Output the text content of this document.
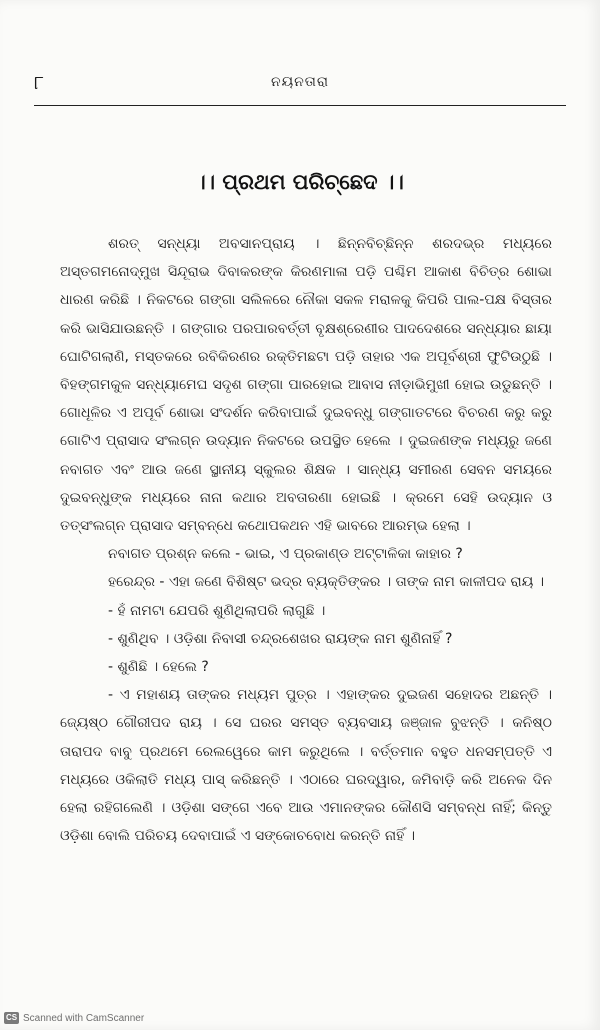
୮	ନୟନତାରା
।। ପ୍ରଥମ ପରିଚ୍ଛେଦ ।।

ଶରତ୍ ସନ୍ଧ୍ୟା ଅବସାନପ୍ରାୟ । ଛିନ୍ନବିଚ୍ଛିନ୍ନ ଶରଦଭ୍ର ମଧ୍ୟରେ ଅସ୍ତଗମନୋଦ୍ମୁଖ ସିନ୍ଦୂରାଭ ଦିବାକରଙ୍କ କିରଣମାଳା ପଡ଼ି ପଶ୍ଚିମ ଆକାଶ ବିଚିତ୍ର ଶୋଭା ଧାରଣ କରିଛି । ନିକଟରେ ଗଙ୍ଗା ସଲିଳରେ ନୌକା ସକଳ ମରାଳକୁ କିପରି ପାଲ-ପକ୍ଷ ବିସ୍ତାର କରି ଭାସିଯାଉଛନ୍ତି । ଗଙ୍ଗାର ପରପାରବର୍ତ୍ତୀ ବୃକ୍ଷଶ୍ରେଣୀର ପାଦଦେଶରେ ସନ୍ଧ୍ୟାର ଛାୟା ଘୋଟିଗଲାଣି, ମସ୍ତକରେ ରବିକିରଣର ରକ୍ତିମଛଟା ପଡ଼ି ତାହାର ଏକ ଅପୂର୍ବଶ୍ରୀ ଫୁଟିଉଠୁଛି । ବିହଙ୍ଗମକୁଳ ସନ୍ଧ୍ୟାମେଘ ସଦୃଶ ଗଙ୍ଗା ପାରହୋଇ ଆବାସ ନୀଡ଼ାଭିମୁଖୀ ହୋଇ ଉଡୁଛନ୍ତି । ଗୋଧୂଳିର ଏ ଅପୂର୍ବ ଶୋଭା ସଂଦର୍ଶନ କରିବାପାଇଁ ଦୁଇବନ୍ଧୁ ଗଙ୍ଗାତଟରେ ବିଚରଣ କରୁ କରୁ ଗୋଟିଏ ପ୍ରାସାଦ ସଂଲଗ୍ନ ଉଦ୍ୟାନ ନିକଟରେ ଉପସ୍ଥିତ ହେଲେ । ଦୁଇଜଣଙ୍କ ମଧ୍ୟରୁ ଜଣେ ନବାଗତ ଏବଂ ଆଉ ଜଣେ ସ୍ଥାନୀୟ ସ୍କୁଲର ଶିକ୍ଷକ । ସାନ୍ଧ୍ୟ ସମୀରଣ ସେବନ ସମୟରେ ଦୁଇବନ୍ଧୁଙ୍କ ମଧ୍ୟରେ ନାନା କଥାର ଅବତାରଣା ହୋଇଛି । କ୍ରମେ ସେହି ଉଦ୍ୟାନ ଓ ତତ୍ସଂଲଗ୍ନ ପ୍ରାସାଦ ସମ୍ବନ୍ଧେ କଥୋପକଥନ ଏହି ଭାବରେ ଆରମ୍ଭ ହେଲା ।

ନବାଗତ ପ୍ରଶ୍ନ କଲେ - ଭାଇ, ଏ ପ୍ରକାଣ୍ଡ ଅଟ୍ଟାଳିକା କାହାର ?

ହରେନ୍ଦ୍ର - ଏହା ଜଣେ ବିଶିଷ୍ଟ ଭଦ୍ର ବ୍ୟକ୍ତିଙ୍କର । ତାଙ୍କ ନାମ କାଳୀପଦ ରାୟ ।

- ହଁ ନାମଟା ଯେପରି ଶୁଣିଥିଲାପରି ଲାଗୁଛି ।

- ଶୁଣିଥିବ । ଓଡ଼ିଶା ନିବାସୀ ଚନ୍ଦ୍ରଶେଖର ରାୟଙ୍କ ନାମ ଶୁଣିନାହିଁ ?

- ଶୁଣିଛି । ହେଲେ ?

- ଏ ମହାଶୟ ତାଙ୍କର ମଧ୍ୟମ ପୁତ୍ର । ଏହାଙ୍କର ଦୁଇଜଣ ସହୋଦର ଅଛନ୍ତି । ଜ୍ୟେଷ୍ଠ ଗୌରୀପଦ ରାୟ । ସେ ଘରର ସମସ୍ତ ବ୍ୟବସାୟ ଜଞ୍ଜାଳ ବୁଝନ୍ତି । କନିଷ୍ଠ ତାରାପଦ ବାବୁ ପ୍ରଥମେ ରେଲୱେରେ କାମ କରୁଥିଲେ । ବର୍ତ୍ତମାନ ବହୁତ ଧନସମ୍ପତ୍ତି ଏ ମଧ୍ୟରେ ଓକିଲାତି ମଧ୍ୟ ପାସ୍ କରିଛନ୍ତି । ଏଠାରେ ଘରଦ୍ୱାର, ଜମିବାଡ଼ି କରି ଅନେକ ଦିନ ହେଲା ରହିଗଲେଣି । ଓଡ଼ିଶା ସଙ୍ଗେ ଏବେ ଆଉ ଏମାନଙ୍କର କୌଣସି ସମ୍ବନ୍ଧ ନାହିଁ; କିନ୍ତୁ ଓଡ଼ିଶା ବୋଲି ପରିଚୟ ଦେବାପାଇଁ ଏ ସଙ୍କୋଚବୋଧ କରନ୍ତି ନାହିଁ ।

CS Scanned with CamScanner
